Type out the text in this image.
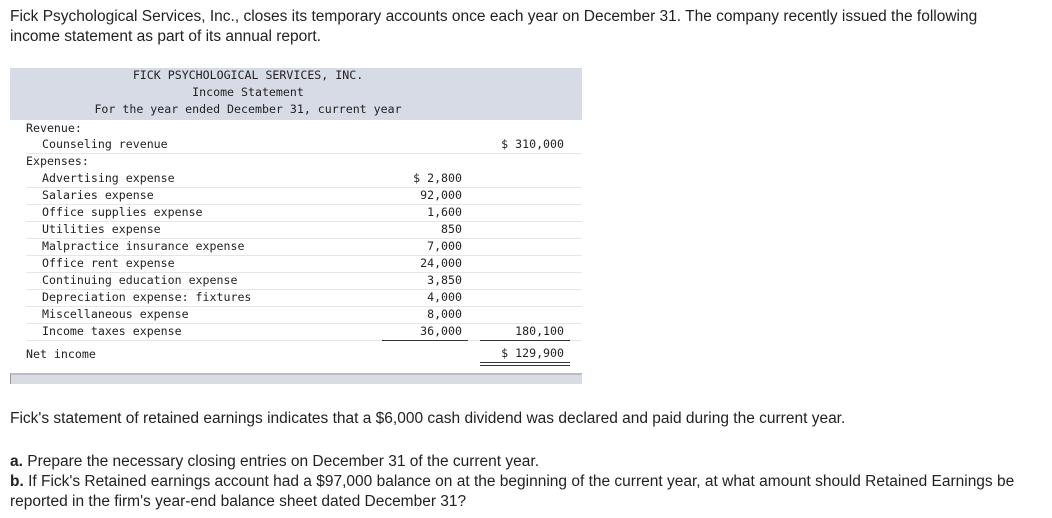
Fick Psychological Services, Inc., closes its temporary accounts once each year on December 31. The company recently issued the following income statement as part of its annual report.
FICK PSYCHOLOGICAL SERVICES, INC.
Income Statement
For the year ended December 31, current year
Revenue:
Counseling revenue	$ 310,000
Expenses:
Advertising expense	$ 2,800
Salaries expense	92,000
Office supplies expense	1,600
Utilities expense	850
Malpractice insurance expense	7,000
Office rent expense	24,000
Continuing education expense	3,850
Depreciation expense: fixtures	4,000
Miscellaneous expense	8,000
Income taxes expense	36,000	180,100
Net income	$ 129,900
Fick's statement of retained earnings indicates that a $6,000 cash dividend was declared and paid during the current year.
a. Prepare the necessary closing entries on December 31 of the current year.
b. If Fick's Retained earnings account had a $97,000 balance on at the beginning of the current year, at what amount should Retained Earnings be reported in the firm's year-end balance sheet dated December 31?
